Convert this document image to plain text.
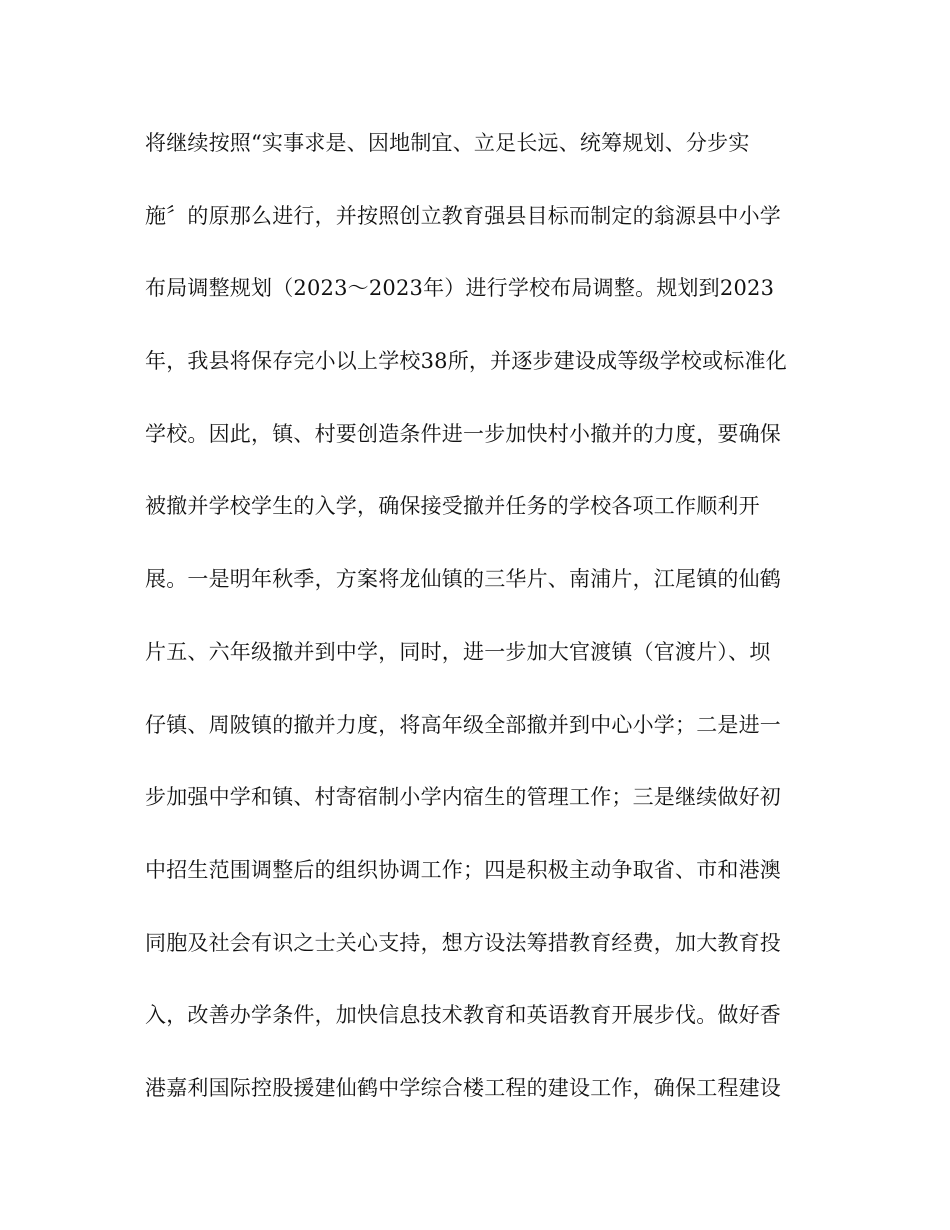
将继续按照“实事求是、因地制宜、立足长远、统筹规划、分步实
施〞的原那么进行，并按照创立教育强县目标而制定的翁源县中小学
布局调整规划（2023～2023年）进行学校布局调整。规划到2023
年，我县将保存完小以上学校38所，并逐步建设成等级学校或标准化
学校。因此，镇、村要创造条件进一步加快村小撤并的力度，要确保
被撤并学校学生的入学，确保接受撤并任务的学校各项工作顺利开
展。一是明年秋季，方案将龙仙镇的三华片、南浦片，江尾镇的仙鹤
片五、六年级撤并到中学，同时，进一步加大官渡镇（官渡片）、坝
仔镇、周陂镇的撤并力度，将高年级全部撤并到中心小学；二是进一
步加强中学和镇、村寄宿制小学内宿生的管理工作；三是继续做好初
中招生范围调整后的组织协调工作；四是积极主动争取省、市和港澳
同胞及社会有识之士关心支持，想方设法筹措教育经费，加大教育投
入，改善办学条件，加快信息技术教育和英语教育开展步伐。做好香
港嘉利国际控股援建仙鹤中学综合楼工程的建设工作，确保工程建设
